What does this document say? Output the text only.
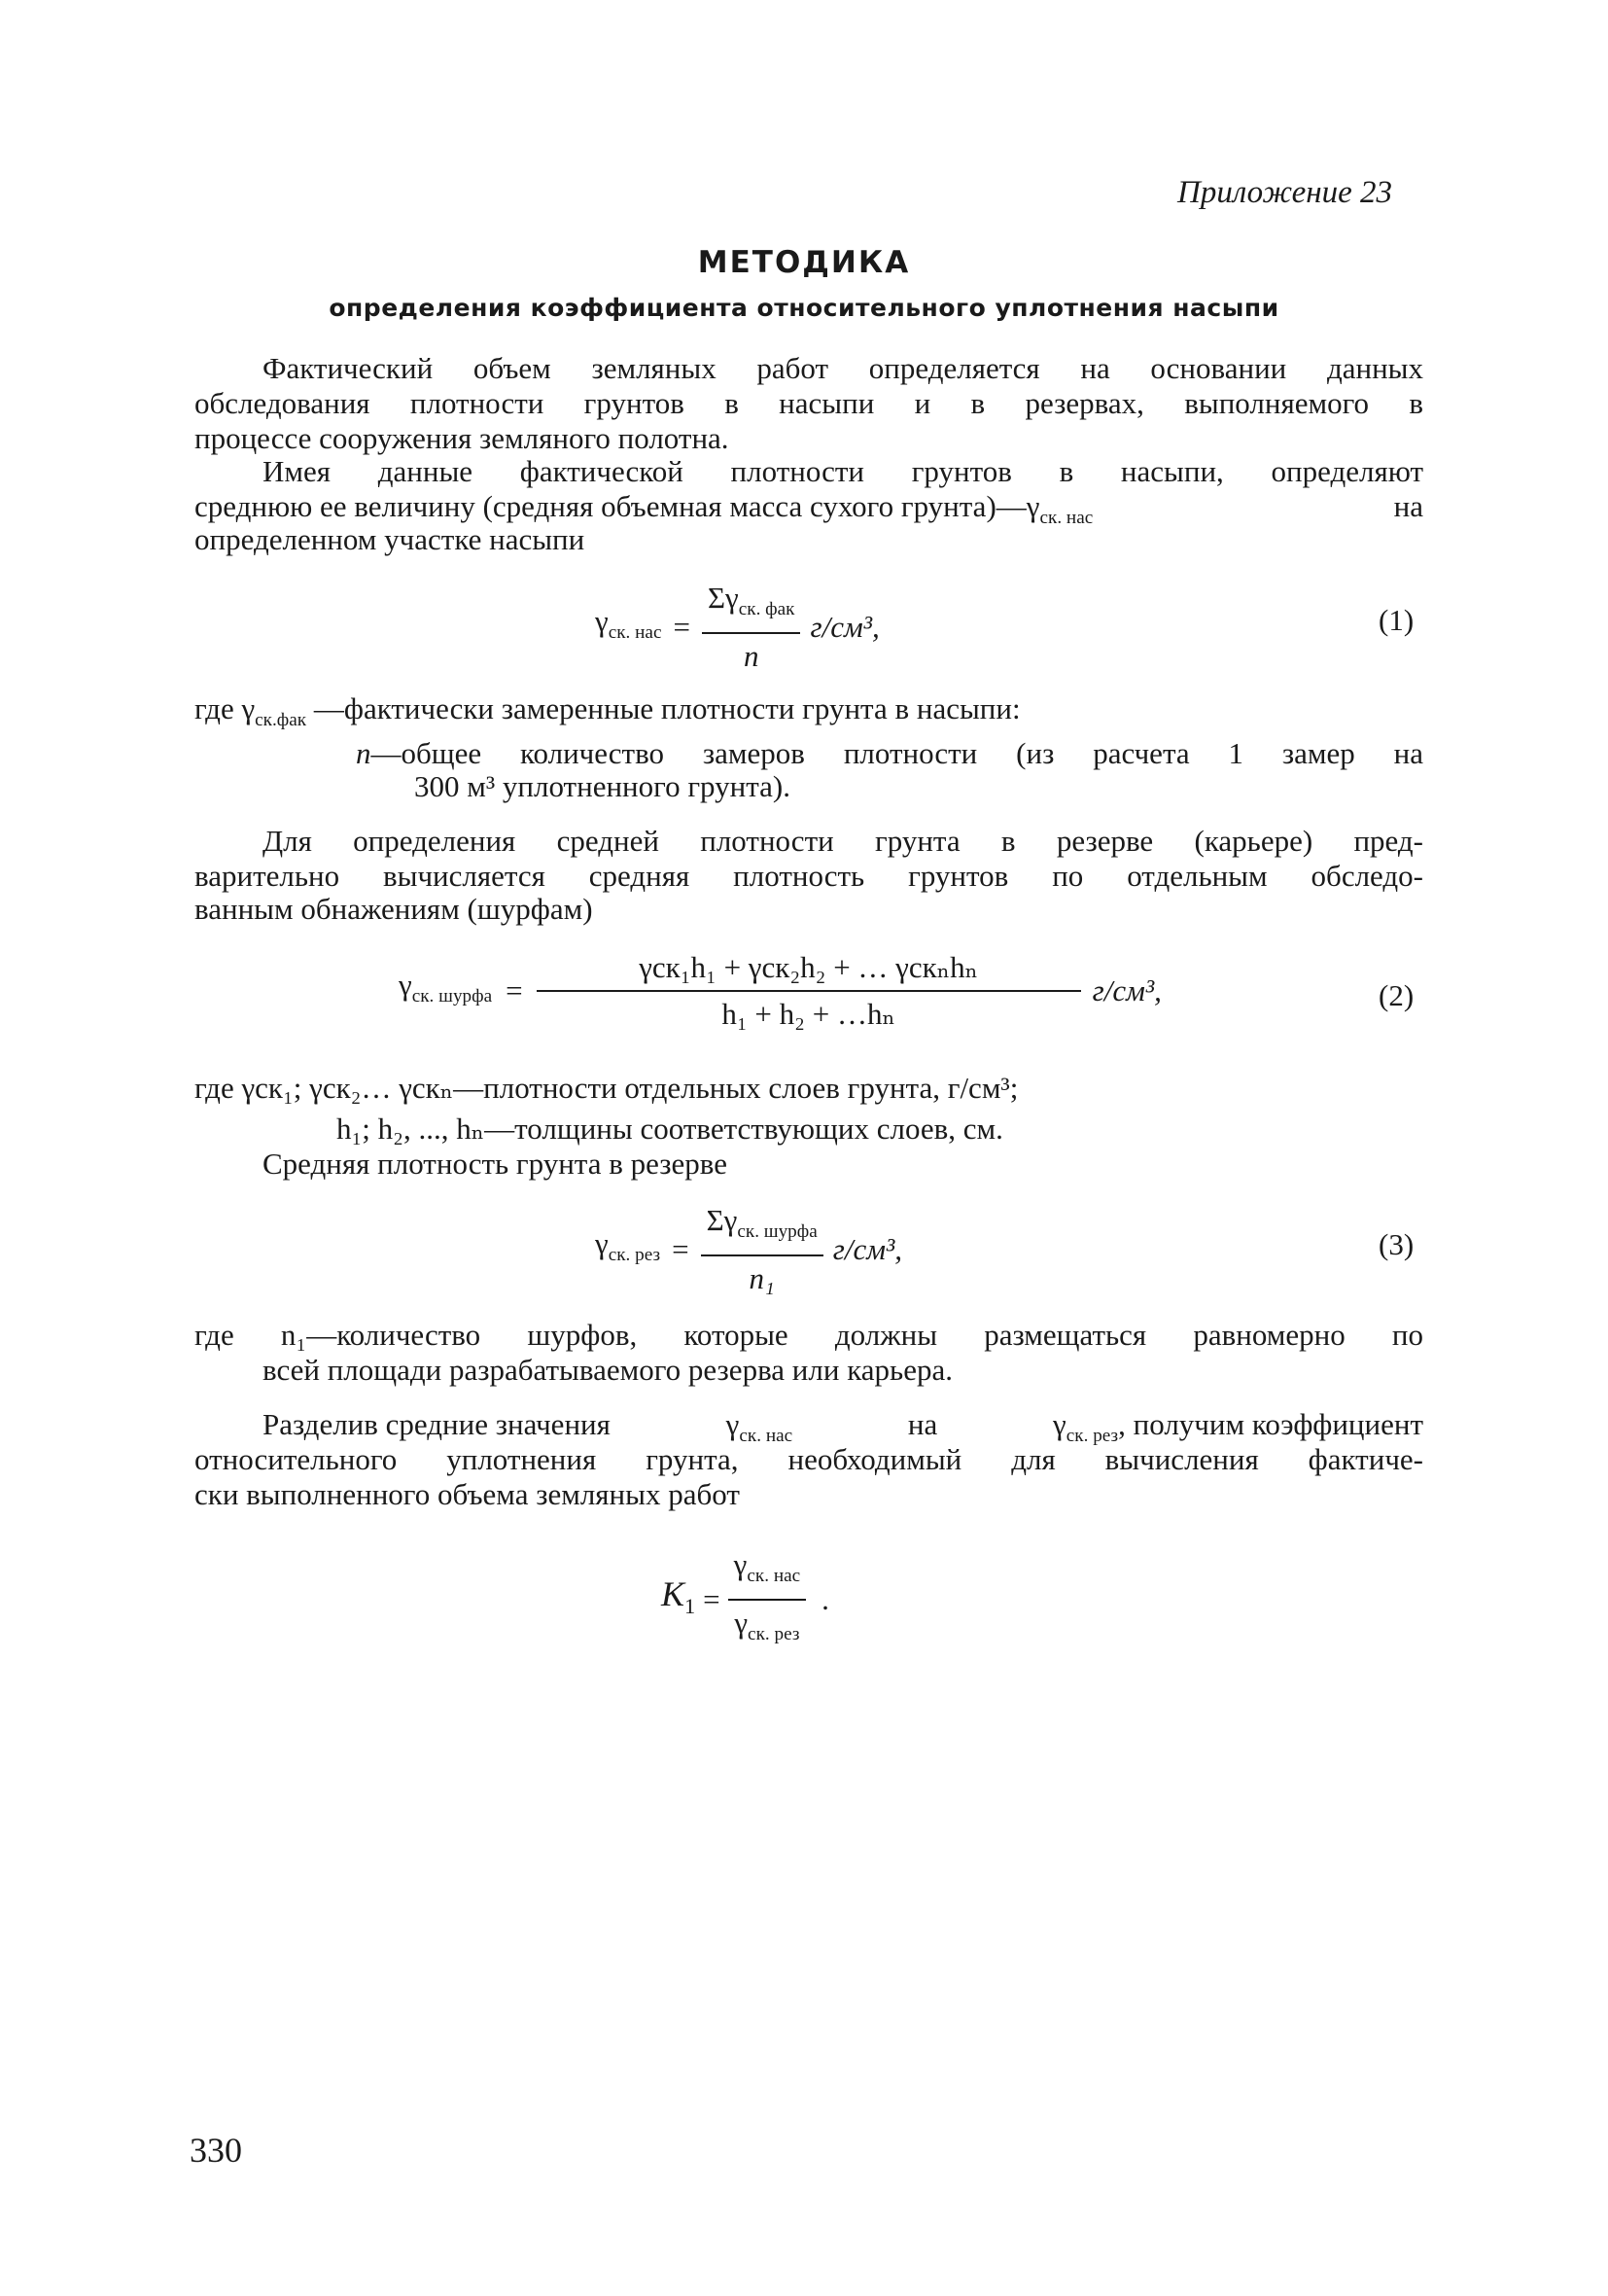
Приложение 23
МЕТОДИКА
определения коэффициента относительного уплотнения насыпи
Фактический объем земляных работ определяется на основании данных
обследования плотности грунтов в насыпи и в резервах, выполняемого в
процессе сооружения земляного полотна.
Имея данные фактической плотности грунтов в насыпи, определяют
среднюю ее величину (средняя объемная масса сухого $грунта)—\gamma_{ск. нас}$	на
определенном участке насыпи
$\gamma_{ск. нас} = \frac{\Sigma\gamma_{ск. фак}}{n} г/см^3$,	(1)
где $\gamma_{ск.фак}$ —фактически замеренные плотности грунта в насыпи:
n—общее количество замеров плотности (из расчета 1 замер на
300 м³ уплотненного грунта).
Для определения средней плотности грунта в резерве (карьере) пред-
варительно вычисляется средняя плотность грунтов по отдельным обследо-
ванным обнажениям (шурфам)
$\gamma_{ск. шурфа} = \frac{\text{γск₁h₁ + γск₂h₂ + … γскₙhₙ}}{\text{h₁ + h₂ + …hₙ}} г/см^3$,	(2)
где γск₁; γск₂… γскₙ—плотности отдельных слоев грунта, г/см³;
h₁; h₂, ..., hₙ—толщины соответствующих слоев, см.
Средняя плотность грунта в резерве
$\gamma_{ск. рез} = \frac{\Sigma\gamma_{ск. шурфа}}{\text{n₁}} г/см^3$,	(3)
где n₁—количество шурфов, которые должны размещаться равномерно по
всей площади разрабатываемого резерва или карьера.
Разделив средние значения	$\gamma_{ск. нас}$	на	$\gamma_{ск. рез}$, получим коэффициент
относительного уплотнения грунта, необходимый для вычисления фактиче-
ски выполненного объема земляных работ
$K_1 = \frac{\gamma_{ск. нас}}{\gamma_{ск. рез}}$ .
330
